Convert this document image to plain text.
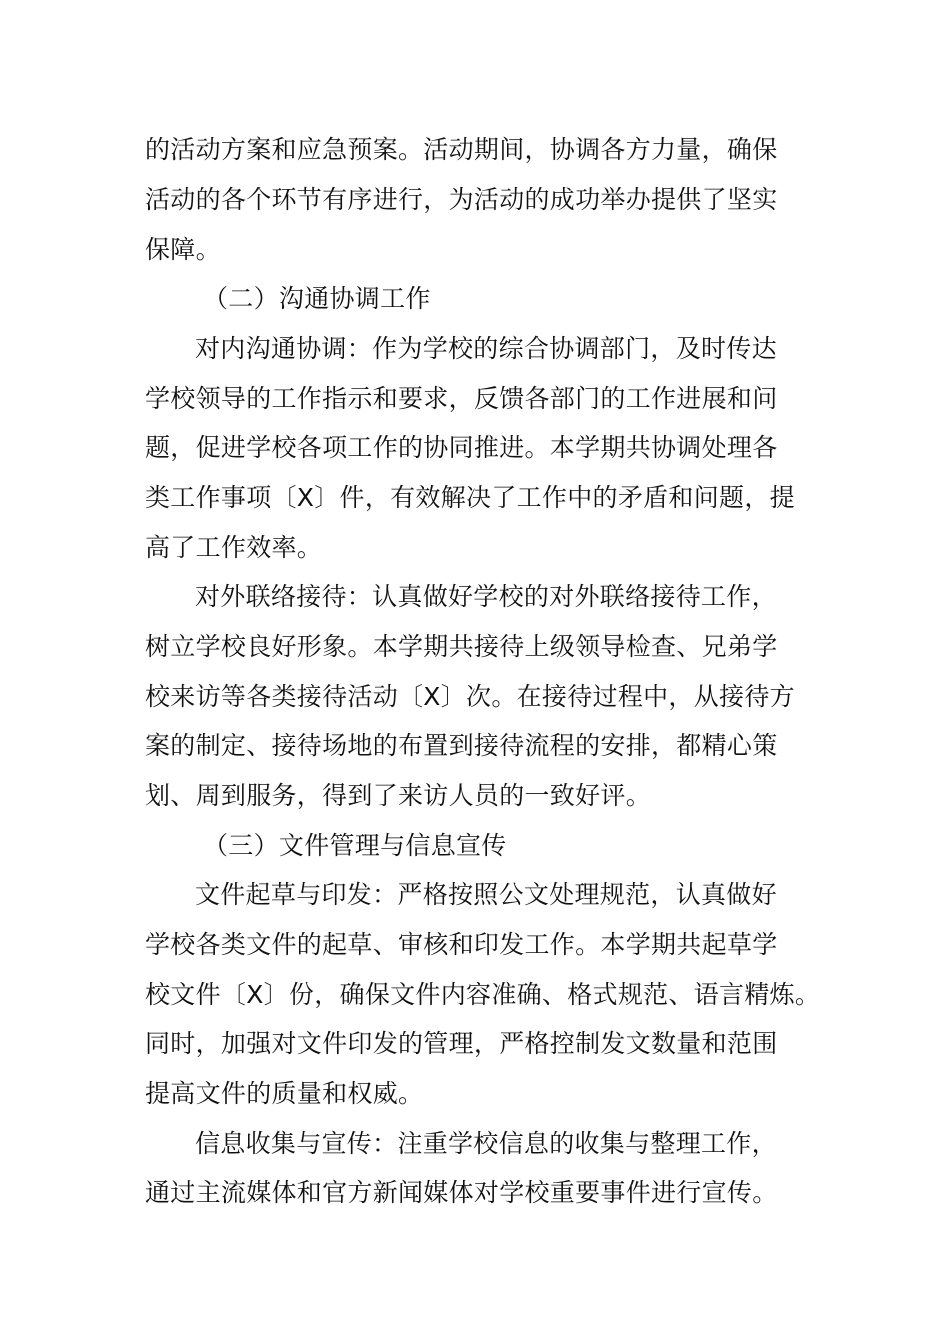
的活动方案和应急预案。活动期间，协调各方力量，确保
活动的各个环节有序进行，为活动的成功举办提供了坚实
保障。
（二）沟通协调工作
对内沟通协调：作为学校的综合协调部门，及时传达
学校领导的工作指示和要求，反馈各部门的工作进展和问
题，促进学校各项工作的协同推进。本学期共协调处理各
类工作事项〔X〕件，有效解决了工作中的矛盾和问题，提
高了工作效率。
对外联络接待：认真做好学校的对外联络接待工作，
树立学校良好形象。本学期共接待上级领导检查、兄弟学
校来访等各类接待活动〔X〕次。在接待过程中，从接待方
案的制定、接待场地的布置到接待流程的安排，都精心策
划、周到服务，得到了来访人员的一致好评。
（三）文件管理与信息宣传
文件起草与印发：严格按照公文处理规范，认真做好
学校各类文件的起草、审核和印发工作。本学期共起草学
校文件〔X〕份，确保文件内容准确、格式规范、语言精炼。
同时，加强对文件印发的管理，严格控制发文数量和范围
提高文件的质量和权威。
信息收集与宣传：注重学校信息的收集与整理工作，
通过主流媒体和官方新闻媒体对学校重要事件进行宣传。
